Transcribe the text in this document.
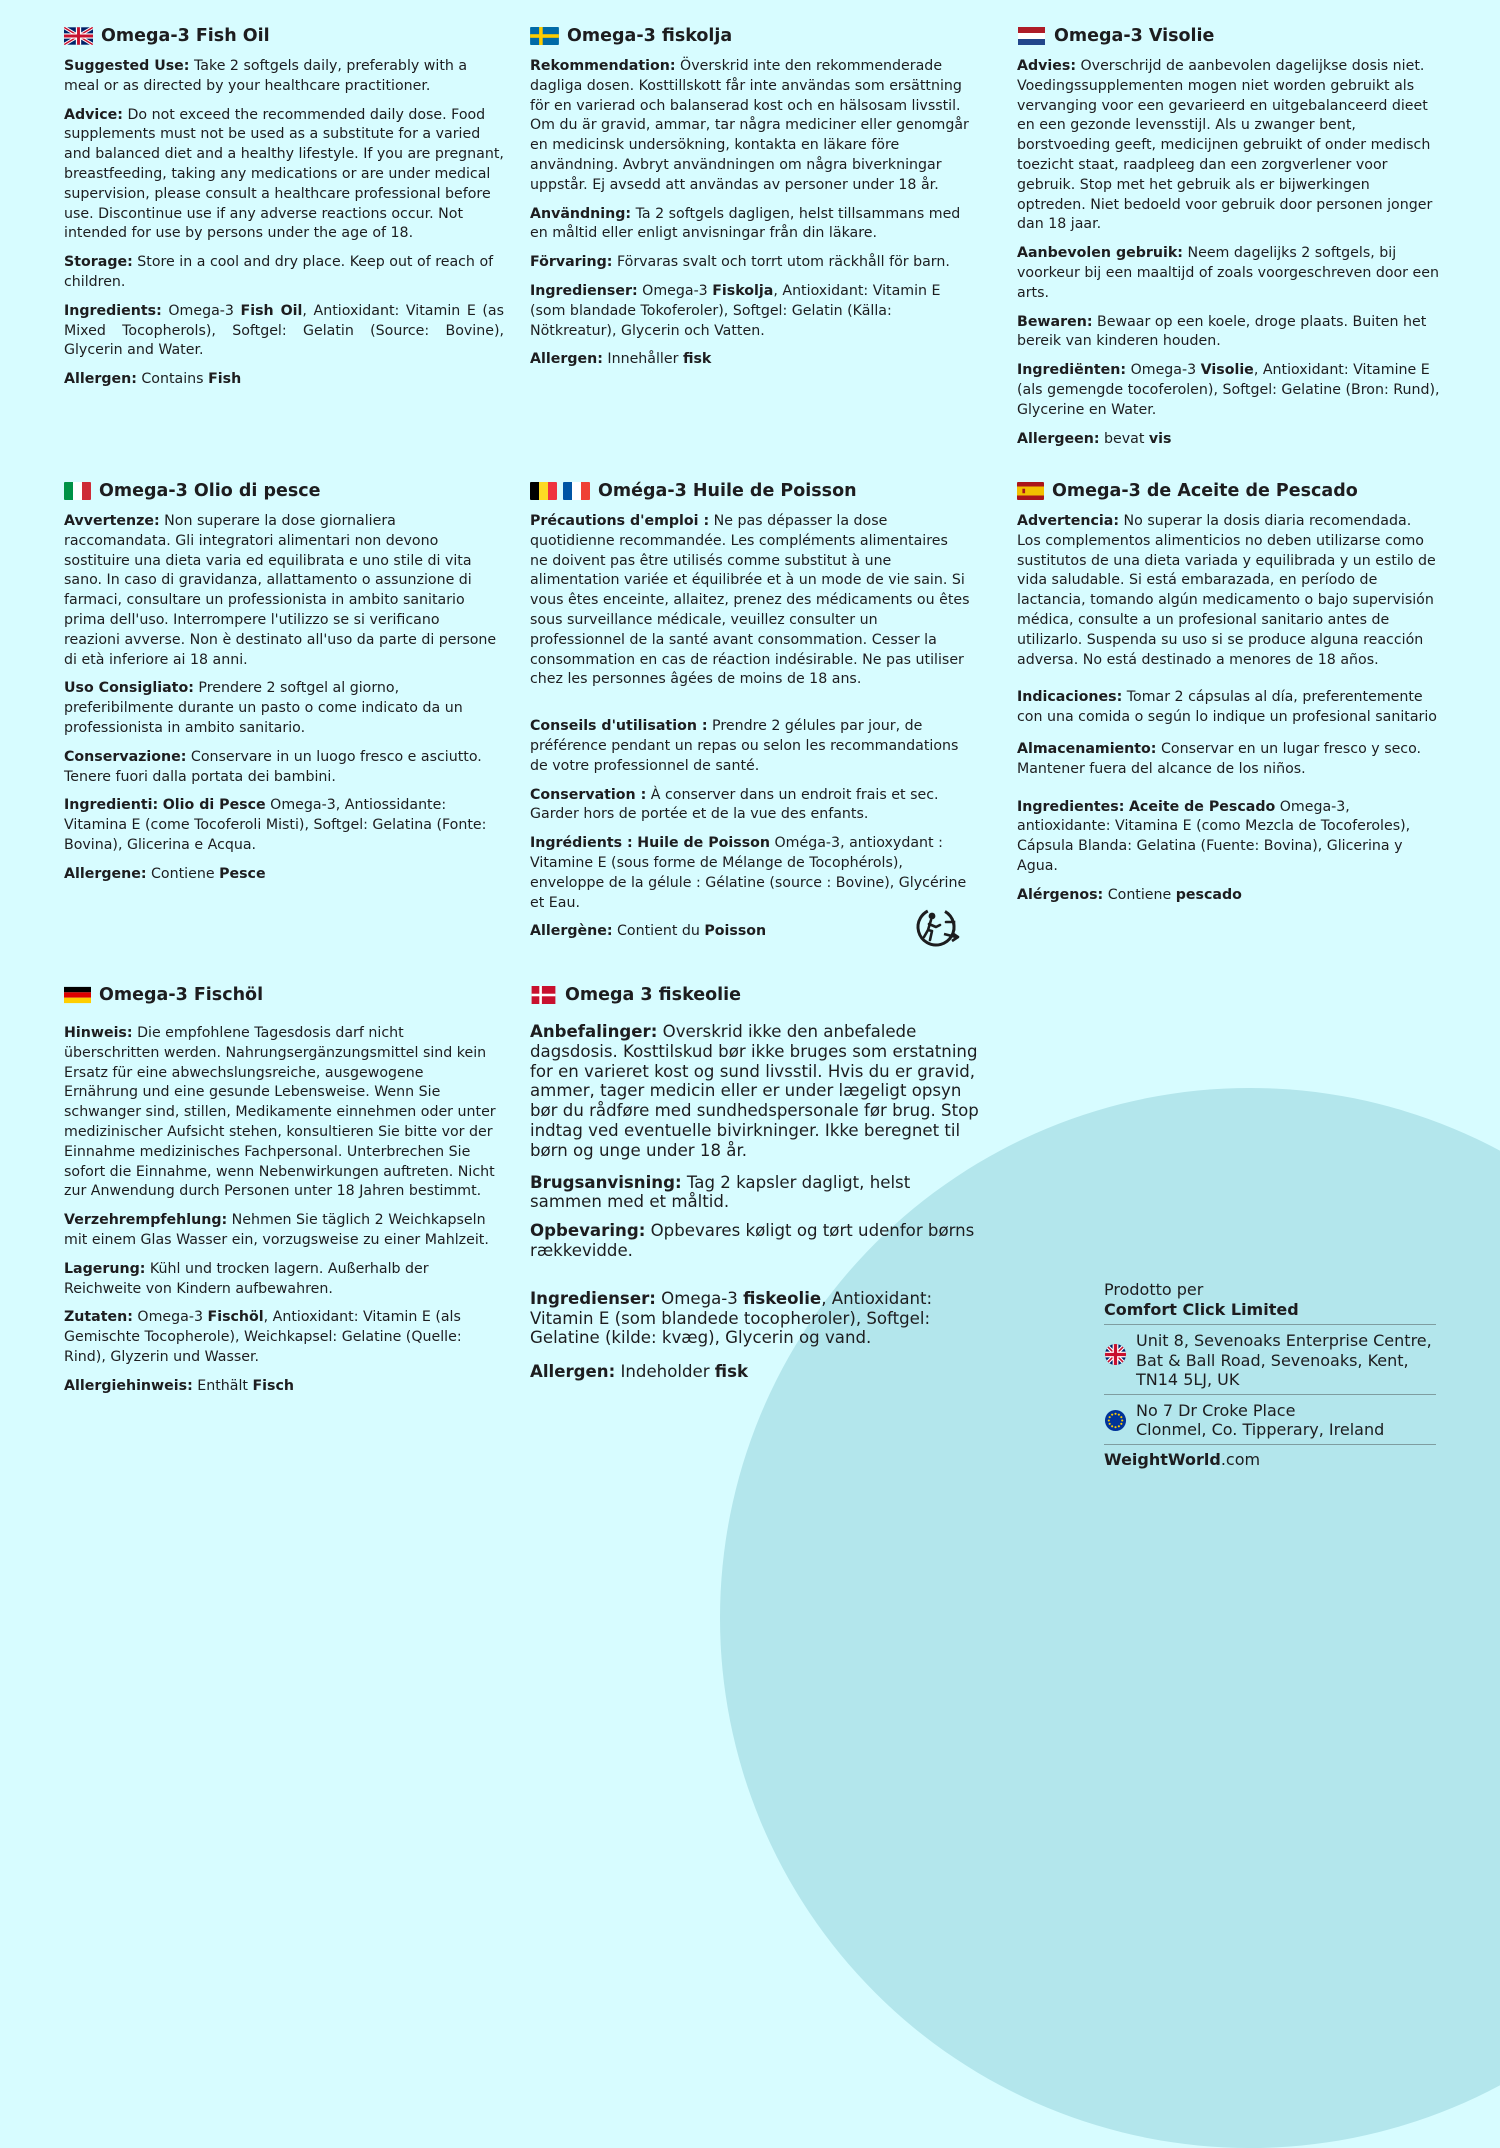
Omega-3 Fish Oil

Suggested Use: Take 2 softgels daily, preferably with a meal or as directed by your healthcare practitioner.

Advice: Do not exceed the recommended daily dose. Food supplements must not be used as a substitute for a varied and balanced diet and a healthy lifestyle. If you are pregnant, breastfeeding, taking any medications or are under medical supervision, please consult a healthcare professional before use. Discontinue use if any adverse reactions occur. Not intended for use by persons under the age of 18.

Storage: Store in a cool and dry place. Keep out of reach of children.

Ingredients: Omega-3 Fish Oil, Antioxidant: Vitamin E (as Mixed Tocopherols), Softgel: Gelatin (Source: Bovine), Glycerin and Water.

Allergen: Contains Fish

Omega-3 fiskolja

Rekommendation: Överskrid inte den rekommenderade dagliga dosen. Kosttillskott får inte användas som ersättning för en varierad och balanserad kost och en hälsosam livsstil. Om du är gravid, ammar, tar några mediciner eller genomgår en medicinsk undersökning, kontakta en läkare före användning. Avbryt användningen om några biverkningar uppstår. Ej avsedd att användas av personer under 18 år.

Användning: Ta 2 softgels dagligen, helst tillsammans med en måltid eller enligt anvisningar från din läkare.

Förvaring: Förvaras svalt och torrt utom räckhåll för barn.

Ingredienser: Omega-3 Fiskolja, Antioxidant: Vitamin E (som blandade Tokoferoler), Softgel: Gelatin (Källa: Nötkreatur), Glycerin och Vatten.

Allergen: Innehåller fisk

Omega-3 Visolie

Advies: Overschrijd de aanbevolen dagelijkse dosis niet. Voedingssupplementen mogen niet worden gebruikt als vervanging voor een gevarieerd en uitgebalanceerd dieet en een gezonde levensstijl. Als u zwanger bent, borstvoeding geeft, medicijnen gebruikt of onder medisch toezicht staat, raadpleeg dan een zorgverlener voor gebruik. Stop met het gebruik als er bijwerkingen optreden. Niet bedoeld voor gebruik door personen jonger dan 18 jaar.

Aanbevolen gebruik: Neem dagelijks 2 softgels, bij voorkeur bij een maaltijd of zoals voorgeschreven door een arts.

Bewaren: Bewaar op een koele, droge plaats. Buiten het bereik van kinderen houden.

Ingrediënten: Omega-3 Visolie, Antioxidant: Vitamine E (als gemengde tocoferolen), Softgel: Gelatine (Bron: Rund), Glycerine en Water.

Allergeen: bevat vis

Omega-3 Olio di pesce

Avvertenze: Non superare la dose giornaliera raccomandata. Gli integratori alimentari non devono sostituire una dieta varia ed equilibrata e uno stile di vita sano. In caso di gravidanza, allattamento o assunzione di farmaci, consultare un professionista in ambito sanitario prima dell'uso. Interrompere l'utilizzo se si verificano reazioni avverse. Non è destinato all'uso da parte di persone di età inferiore ai 18 anni.

Uso Consigliato: Prendere 2 softgel al giorno, preferibilmente durante un pasto o come indicato da un professionista in ambito sanitario.

Conservazione: Conservare in un luogo fresco e asciutto. Tenere fuori dalla portata dei bambini.

Ingredienti: Olio di Pesce Omega-3, Antiossidante: Vitamina E (come Tocoferoli Misti), Softgel: Gelatina (Fonte: Bovina), Glicerina e Acqua.

Allergene: Contiene Pesce

Oméga-3 Huile de Poisson

Précautions d'emploi : Ne pas dépasser la dose quotidienne recommandée. Les compléments alimentaires ne doivent pas être utilisés comme substitut à une alimentation variée et équilibrée et à un mode de vie sain. Si vous êtes enceinte, allaitez, prenez des médicaments ou êtes sous surveillance médicale, veuillez consulter un professionnel de la santé avant consommation. Cesser la consommation en cas de réaction indésirable. Ne pas utiliser chez les personnes âgées de moins de 18 ans.

Conseils d'utilisation : Prendre 2 gélules par jour, de préférence pendant un repas ou selon les recommandations de votre professionnel de santé.

Conservation : À conserver dans un endroit frais et sec. Garder hors de portée et de la vue des enfants.

Ingrédients : Huile de Poisson Oméga-3, antioxydant : Vitamine E (sous forme de Mélange de Tocophérols), enveloppe de la gélule : Gélatine (source : Bovine), Glycérine et Eau.

Allergène: Contient du Poisson

Omega-3 de Aceite de Pescado

Advertencia: No superar la dosis diaria recomendada. Los complementos alimenticios no deben utilizarse como sustitutos de una dieta variada y equilibrada y un estilo de vida saludable. Si está embarazada, en período de lactancia, tomando algún medicamento o bajo supervisión médica, consulte a un profesional sanitario antes de utilizarlo. Suspenda su uso si se produce alguna reacción adversa. No está destinado a menores de 18 años.

Indicaciones: Tomar 2 cápsulas al día, preferentemente con una comida o según lo indique un profesional sanitario

Almacenamiento: Conservar en un lugar fresco y seco. Mantener fuera del alcance de los niños.

Ingredientes: Aceite de Pescado Omega-3, antioxidante: Vitamina E (como Mezcla de Tocoferoles), Cápsula Blanda: Gelatina (Fuente: Bovina), Glicerina y Agua.

Alérgenos: Contiene pescado

Omega-3 Fischöl

Hinweis: Die empfohlene Tagesdosis darf nicht überschritten werden. Nahrungsergänzungsmittel sind kein Ersatz für eine abwechslungsreiche, ausgewogene Ernährung und eine gesunde Lebensweise. Wenn Sie schwanger sind, stillen, Medikamente einnehmen oder unter medizinischer Aufsicht stehen, konsultieren Sie bitte vor der Einnahme medizinisches Fachpersonal. Unterbrechen Sie sofort die Einnahme, wenn Nebenwirkungen auftreten. Nicht zur Anwendung durch Personen unter 18 Jahren bestimmt.

Verzehrempfehlung: Nehmen Sie täglich 2 Weichkapseln mit einem Glas Wasser ein, vorzugsweise zu einer Mahlzeit.

Lagerung: Kühl und trocken lagern. Außerhalb der Reichweite von Kindern aufbewahren.

Zutaten: Omega-3 Fischöl, Antioxidant: Vitamin E (als Gemischte Tocopherole), Weichkapsel: Gelatine (Quelle: Rind), Glyzerin und Wasser.

Allergiehinweis: Enthält Fisch

Omega 3 fiskeolie

Anbefalinger: Overskrid ikke den anbefalede dagsdosis. Kosttilskud bør ikke bruges som erstatning for en varieret kost og sund livsstil. Hvis du er gravid, ammer, tager medicin eller er under lægeligt opsyn bør du rådføre med sundhedspersonale før brug. Stop indtag ved eventuelle bivirkninger. Ikke beregnet til børn og unge under 18 år.

Brugsanvisning: Tag 2 kapsler dagligt, helst sammen med et måltid.

Opbevaring: Opbevares køligt og tørt udenfor børns rækkevidde.

Ingredienser: Omega-3 fiskeolie, Antioxidant: Vitamin E (som blandede tocopheroler), Softgel: Gelatine (kilde: kvæg), Glycerin og vand.

Allergen: Indeholder fisk

Prodotto per
Comfort Click Limited
Unit 8, Sevenoaks Enterprise Centre,
Bat & Ball Road, Sevenoaks, Kent,
TN14 5LJ, UK
No 7 Dr Croke Place
Clonmel, Co. Tipperary, Ireland
WeightWorld.com
